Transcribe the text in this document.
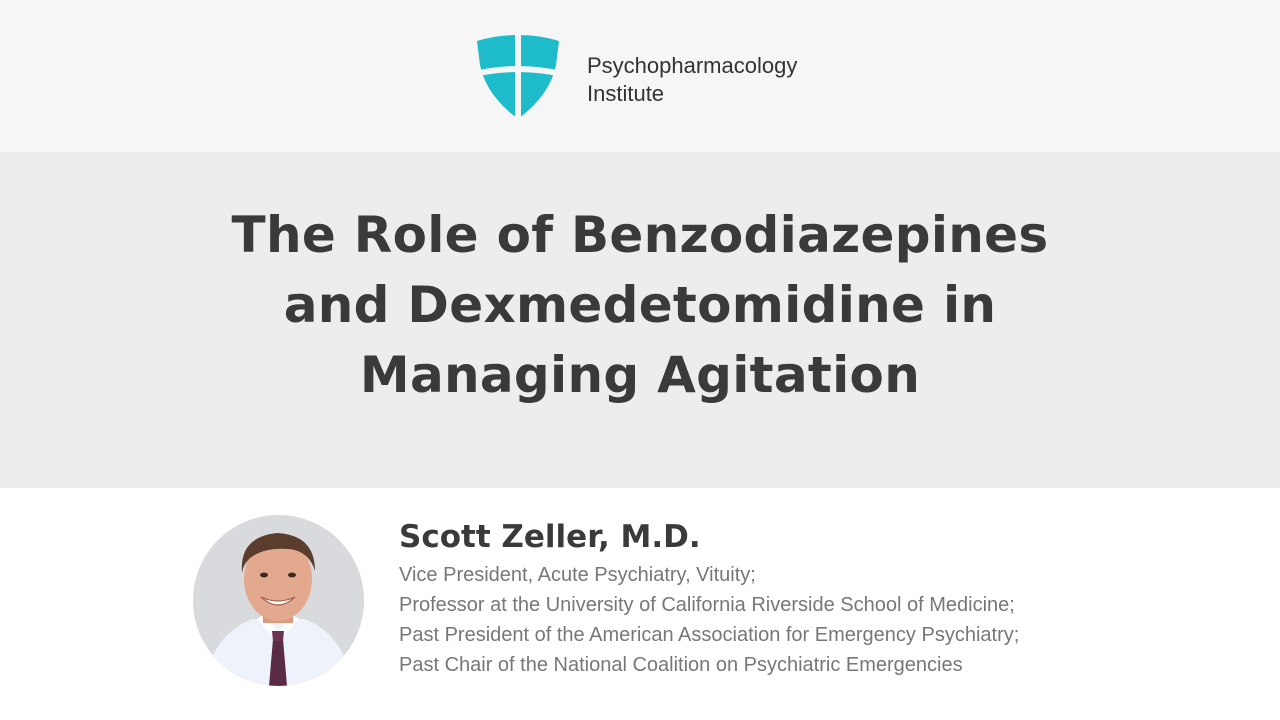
Psychopharmacology
Institute
The Role of Benzodiazepines
and Dexmedetomidine in
Managing Agitation
Scott Zeller, M.D.
Vice President, Acute Psychiatry, Vituity;
Professor at the University of California Riverside School of Medicine;
Past President of the American Association for Emergency Psychiatry;
Past Chair of the National Coalition on Psychiatric Emergencies
